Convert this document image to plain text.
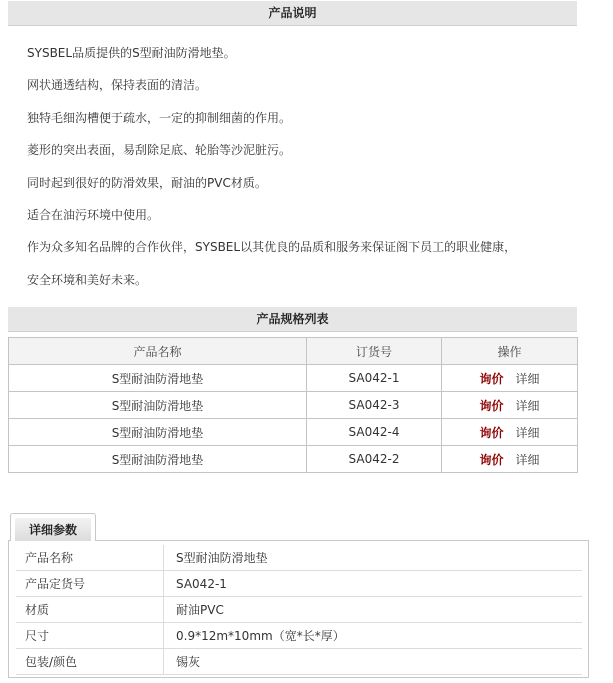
产品说明

SYSBEL品质提供的S型耐油防滑地垫。

网状通透结构，保持表面的清洁。

独特毛细沟槽便于疏水，一定的抑制细菌的作用。

菱形的突出表面，易刮除足底、轮胎等沙泥脏污。

同时起到很好的防滑效果，耐油的PVC材质。

适合在油污环境中使用。

作为众多知名品牌的合作伙伴，SYSBEL以其优良的品质和服务来保证阁下员工的职业健康，

安全环境和美好未来。

产品规格列表
产品名称	订货号	操作
S型耐油防滑地垫	SA042-1	询价 详细
S型耐油防滑地垫	SA042-3	询价 详细
S型耐油防滑地垫	SA042-4	询价 详细
S型耐油防滑地垫	SA042-2	询价 详细
详细参数
产品名称	S型耐油防滑地垫
产品定货号	SA042-1
材质	耐油PVC
尺寸	0.9*12m*10mm（宽*长*厚）
包装/颜色	锡灰
